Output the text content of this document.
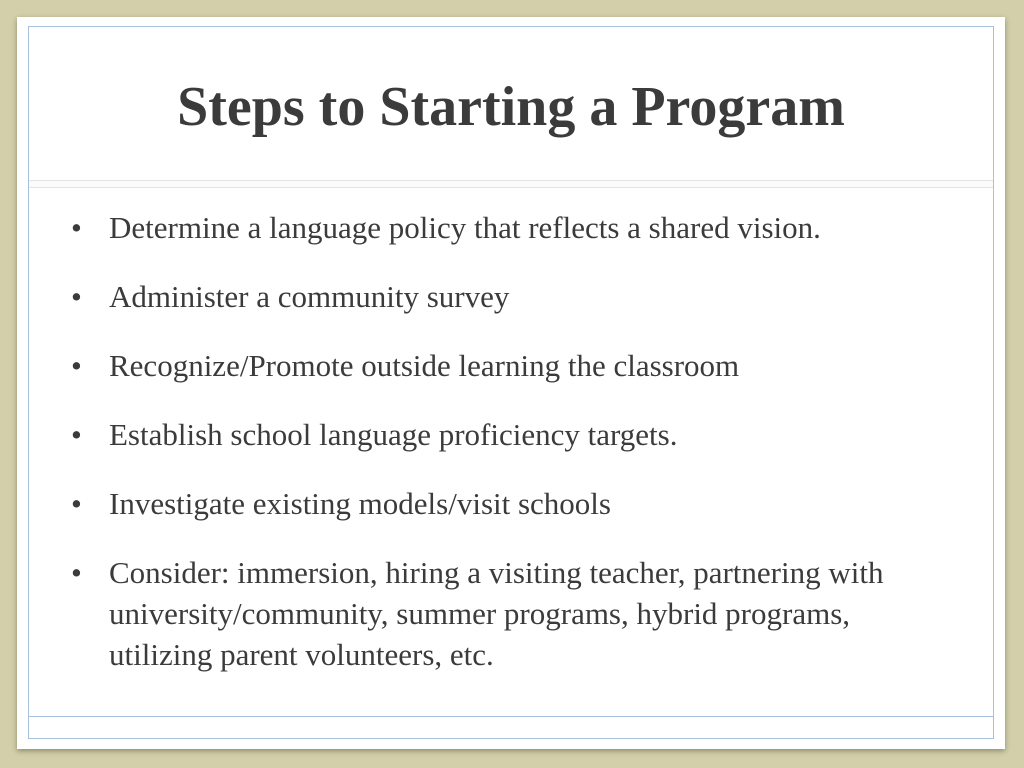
Steps to Starting a Program
• Determine a language policy that reflects a shared vision.
• Administer a community survey
• Recognize/Promote outside learning the classroom
• Establish school language proficiency targets.
• Investigate existing models/visit schools
• Consider: immersion, hiring a visiting teacher, partnering with university/community, summer programs, hybrid programs, utilizing parent volunteers, etc.
